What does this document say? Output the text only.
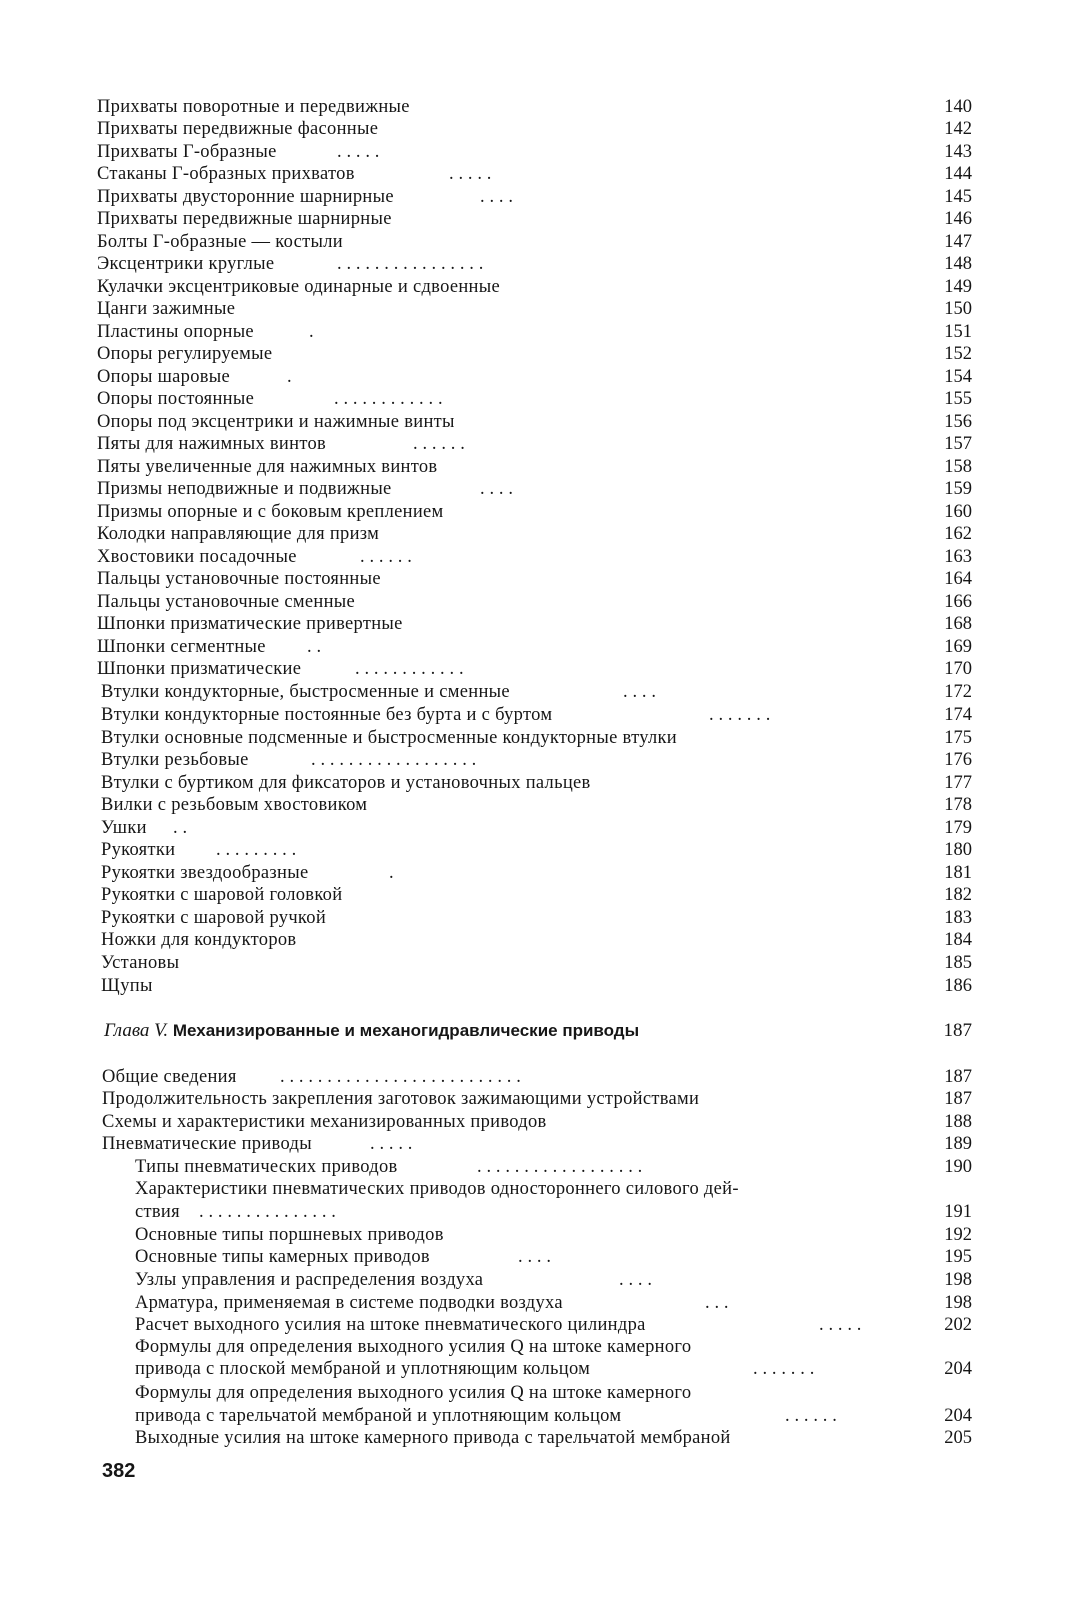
Прихваты поворотные и передвижные	140
Прихваты передвижные фасонные	142
Прихваты Г-образные	. . . . .	143
Стаканы Г-образных прихватов	. . . . .	144
Прихваты двусторонние шарнирные	. . . .	145
Прихваты передвижные шарнирные	146
Болты Г-образные — костыли	147
Эксцентрики круглые	. . . . . . . . . . . . . . . .	148
Кулачки эксцентриковые одинарные и сдвоенные	149
Цанги зажимные	150
Пластины опорные	.	151
Опоры регулируемые	152
Опоры шаровые	.	154
Опоры постоянные	. . . . . . . . . . . .	155
Опоры под эксцентрики и нажимные винты	156
Пяты для нажимных винтов	. . . . . .	157
Пяты увеличенные для нажимных винтов	158
Призмы неподвижные и подвижные	. . . .	159
Призмы опорные и с боковым креплением	160
Колодки направляющие для призм	162
Хвостовики посадочные	. . . . . .	163
Пальцы установочные постоянные	164
Пальцы установочные сменные	166
Шпонки призматические привертные	168
Шпонки сегментные . .	169
Шпонки призматические	. . . . . . . . . . . .	170
Втулки кондукторные, быстросменные и сменные	. . . .	172
Втулки кондукторные постоянные без бурта и с буртом	. . . . . . .	174
Втулки основные подсменные и быстросменные кондукторные втулки	175
Втулки резьбовые	. . . . . . . . . . . . . . . . . .	176
Втулки с буртиком для фиксаторов и установочных пальцев	177
Вилки с резьбовым хвостовиком	178
Ушки . .	179
Рукоятки . . . . . . . . .	180
Рукоятки звездообразные	.	181
Рукоятки с шаровой головкой	182
Рукоятки с шаровой ручкой	183
Ножки для кондукторов	184
Установы	185
Щупы	186
Глава V. Механизированные и механогидравлические приводы	187
Общие сведения . . . . . . . . . . . . . . . . . . . . . . . . . .	187
Продолжительность закрепления заготовок зажимающими устройствами	187
Схемы и характеристики механизированных приводов	188
Пневматические приводы	. . . . .	189
Типы пневматических приводов	. . . . . . . . . . . . . . . . . .	190
Характеристики пневматических приводов одностороннего силового дей-
ствия . . . . . . . . . . . . . . .	191
Основные типы поршневых приводов	192
Основные типы камерных приводов	. . . .	195
Узлы управления и распределения воздуха	. . . .	198
Арматура, применяемая в системе подводки воздуха	. . .	198
Расчет выходного усилия на штоке пневматического цилиндра	. . . . .	202
Формулы для определения выходного усилия Q на штоке камерного
привода с плоской мембраной и уплотняющим кольцом	. . . . . . .	204
Формулы для определения выходного усилия Q на штоке камерного
привода с тарельчатой мембраной и уплотняющим кольцом	. . . . . .	204
Выходные усилия на штоке камерного привода с тарельчатой мембраной	205
382
